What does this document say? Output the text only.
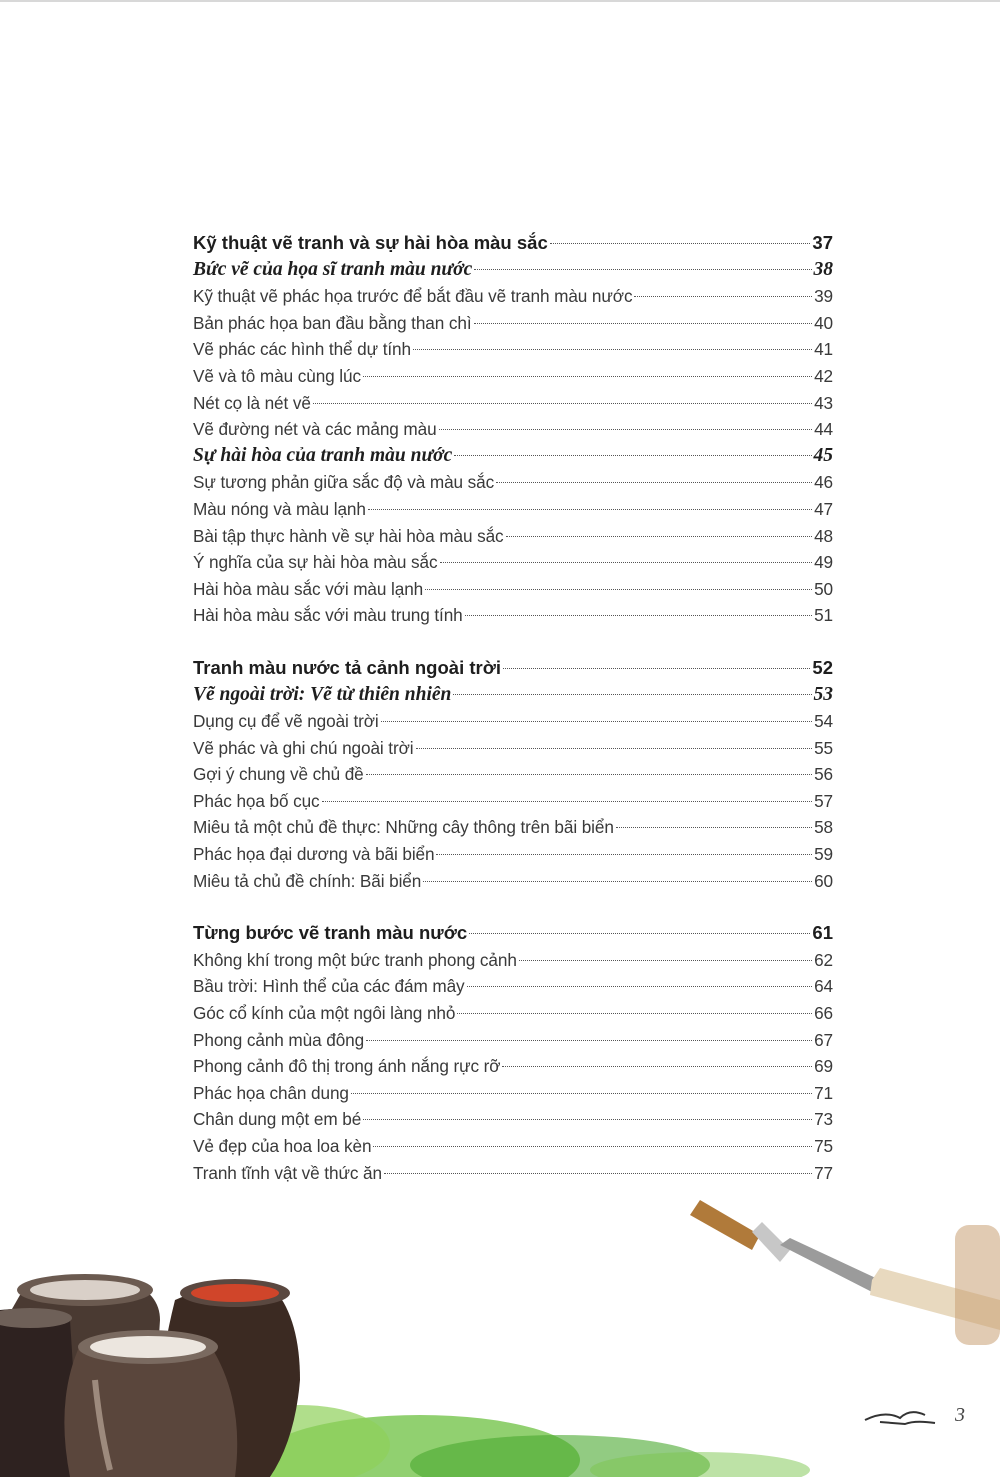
Kỹ thuật vẽ tranh và sự hài hòa màu sắc	37
Bức vẽ của họa sĩ tranh màu nước	38
Kỹ thuật vẽ phác họa trước để bắt đầu vẽ tranh màu nước	39
Bản phác họa ban đầu bằng than chì	40
Vẽ phác các hình thể dự tính	41
Vẽ và tô màu cùng lúc	42
Nét cọ là nét vẽ	43
Vẽ đường nét và các mảng màu	44
Sự hài hòa của tranh màu nước	45
Sự tương phản giữa sắc độ và màu sắc	46
Màu nóng và màu lạnh	47
Bài tập thực hành về sự hài hòa màu sắc	48
Ý nghĩa của sự hài hòa màu sắc	49
Hài hòa màu sắc với màu lạnh	50
Hài hòa màu sắc với màu trung tính	51
Tranh màu nước tả cảnh ngoài trời	52
Vẽ ngoài trời: Vẽ từ thiên nhiên	53
Dụng cụ để vẽ ngoài trời	54
Vẽ phác và ghi chú ngoài trời	55
Gợi ý chung về chủ đề	56
Phác họa bố cục	57
Miêu tả một chủ đề thực: Những cây thông trên bãi biển	58
Phác họa đại dương và bãi biển	59
Miêu tả chủ đề chính: Bãi biển	60
Từng bước vẽ tranh màu nước	61
Không khí trong một bức tranh phong cảnh	62
Bầu trời: Hình thể của các đám mây	64
Góc cổ kính của một ngôi làng nhỏ	66
Phong cảnh mùa đông	67
Phong cảnh đô thị trong ánh nắng rực rỡ	69
Phác họa chân dung	71
Chân dung một em bé	73
Vẻ đẹp của hoa loa kèn	75
Tranh tĩnh vật về thức ăn	77
3
